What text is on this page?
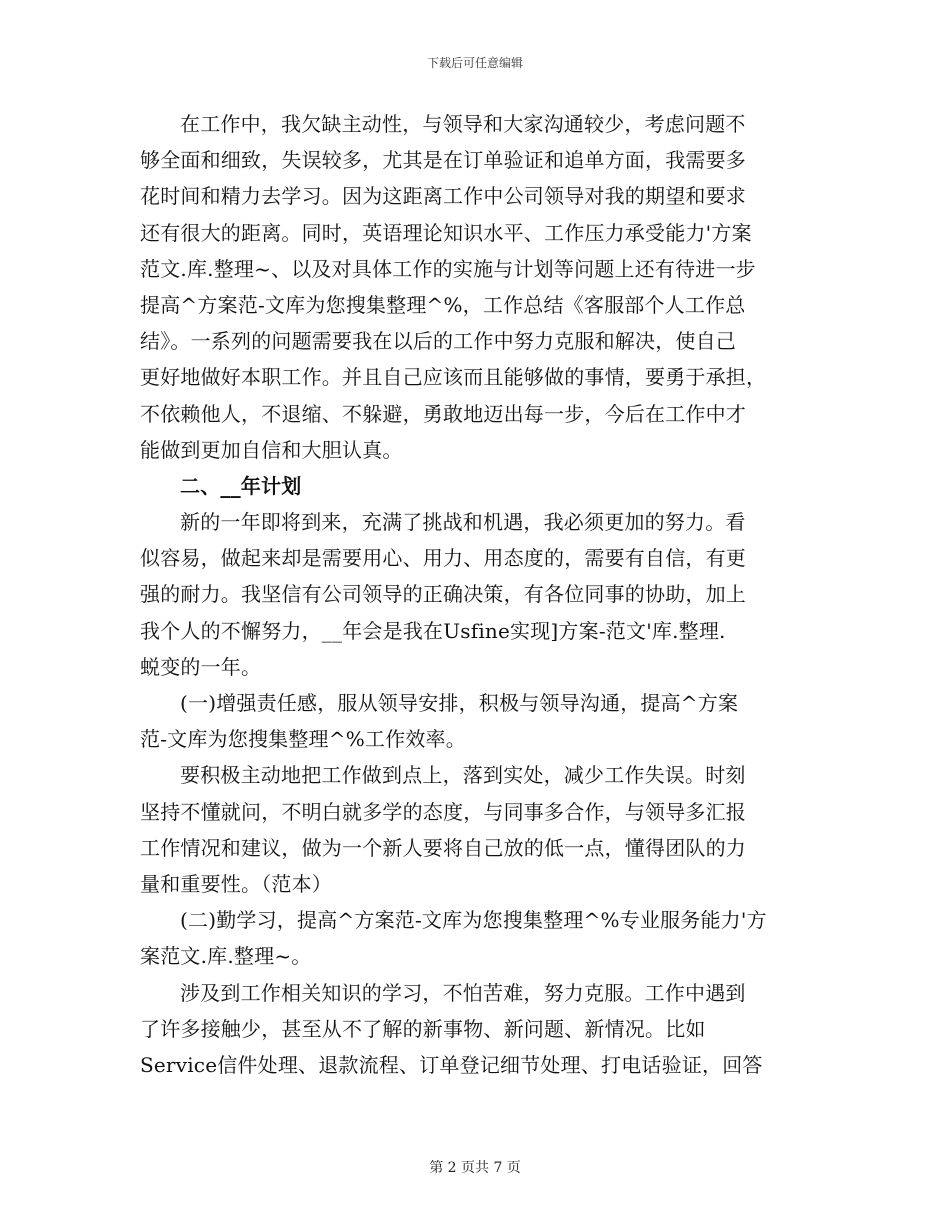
下载后可任意编辑
在工作中，我欠缺主动性，与领导和大家沟通较少，考虑问题不
够全面和细致，失误较多，尤其是在订单验证和追单方面，我需要多
花时间和精力去学习。因为这距离工作中公司领导对我的期望和要求
还有很大的距离。同时，英语理论知识水平、工作压力承受能力'方案
范文.库.整理~、以及对具体工作的实施与计划等问题上还有待进一步
提高^方案范-文库为您搜集整理^%，工作总结《客服部个人工作总
结》。一系列的问题需要我在以后的工作中努力克服和解决，使自己
更好地做好本职工作。并且自己应该而且能够做的事情，要勇于承担，
不依赖他人，不退缩、不躲避，勇敢地迈出每一步，今后在工作中才
能做到更加自信和大胆认真。
二、__年计划
新的一年即将到来，充满了挑战和机遇，我必须更加的努力。看
似容易，做起来却是需要用心、用力、用态度的，需要有自信，有更
强的耐力。我坚信有公司领导的正确决策，有各位同事的协助，加上
我个人的不懈努力，__年会是我在Usfine实现]方案-范文'库.整理.
蜕变的一年。
(一)增强责任感，服从领导安排，积极与领导沟通，提高^方案
范-文库为您搜集整理^%工作效率。
要积极主动地把工作做到点上，落到实处，减少工作失误。时刻
坚持不懂就问，不明白就多学的态度，与同事多合作，与领导多汇报
工作情况和建议，做为一个新人要将自己放的低一点，懂得团队的力
量和重要性。（范本）
(二)勤学习，提高^方案范-文库为您搜集整理^%专业服务能力'方
案范文.库.整理~。
涉及到工作相关知识的学习，不怕苦难，努力克服。工作中遇到
了许多接触少，甚至从不了解的新事物、新问题、新情况。比如
Service信件处理、退款流程、订单登记细节处理、打电话验证，回答
第 2 页共 7 页
